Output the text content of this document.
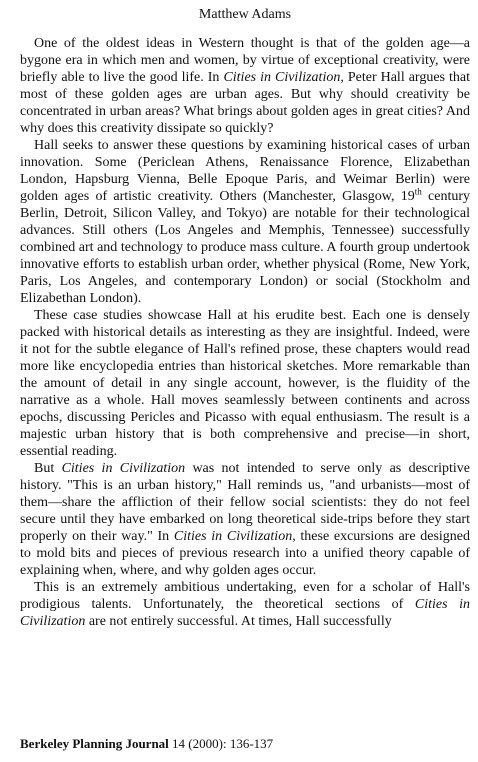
Matthew Adams

One of the oldest ideas in Western thought is that of the golden age—a bygone era in which men and women, by virtue of exceptional creativity, were briefly able to live the good life. In Cities in Civilization, Peter Hall argues that most of these golden ages are urban ages. But why should creativity be concentrated in urban areas? What brings about golden ages in great cities? And why does this creativity dissipate so quickly?

Hall seeks to answer these questions by examining historical cases of urban innovation. Some (Periclean Athens, Renaissance Florence, Elizabethan London, Hapsburg Vienna, Belle Epoque Paris, and Weimar Berlin) were golden ages of artistic creativity. Others (Manchester, Glasgow, 19th century Berlin, Detroit, Silicon Valley, and Tokyo) are notable for their technological advances. Still others (Los Angeles and Memphis, Tennessee) successfully combined art and technology to produce mass culture. A fourth group undertook innovative efforts to establish urban order, whether physical (Rome, New York, Paris, Los Angeles, and contemporary London) or social (Stockholm and Elizabethan London).

These case studies showcase Hall at his erudite best. Each one is densely packed with historical details as interesting as they are insightful. Indeed, were it not for the subtle elegance of Hall's refined prose, these chapters would read more like encyclopedia entries than historical sketches. More remarkable than the amount of detail in any single account, however, is the fluidity of the narrative as a whole. Hall moves seamlessly between continents and across epochs, discussing Pericles and Picasso with equal enthusiasm. The result is a majestic urban history that is both comprehensive and precise—in short, essential reading.

But Cities in Civilization was not intended to serve only as descriptive history. "This is an urban history," Hall reminds us, "and urbanists—most of them—share the affliction of their fellow social scientists: they do not feel secure until they have embarked on long theoretical side-trips before they start properly on their way." In Cities in Civilization, these excursions are designed to mold bits and pieces of previous research into a unified theory capable of explaining when, where, and why golden ages occur.

This is an extremely ambitious undertaking, even for a scholar of Hall's prodigious talents. Unfortunately, the theoretical sections of Cities in Civilization are not entirely successful. At times, Hall successfully

Berkeley Planning Journal 14 (2000): 136-137
